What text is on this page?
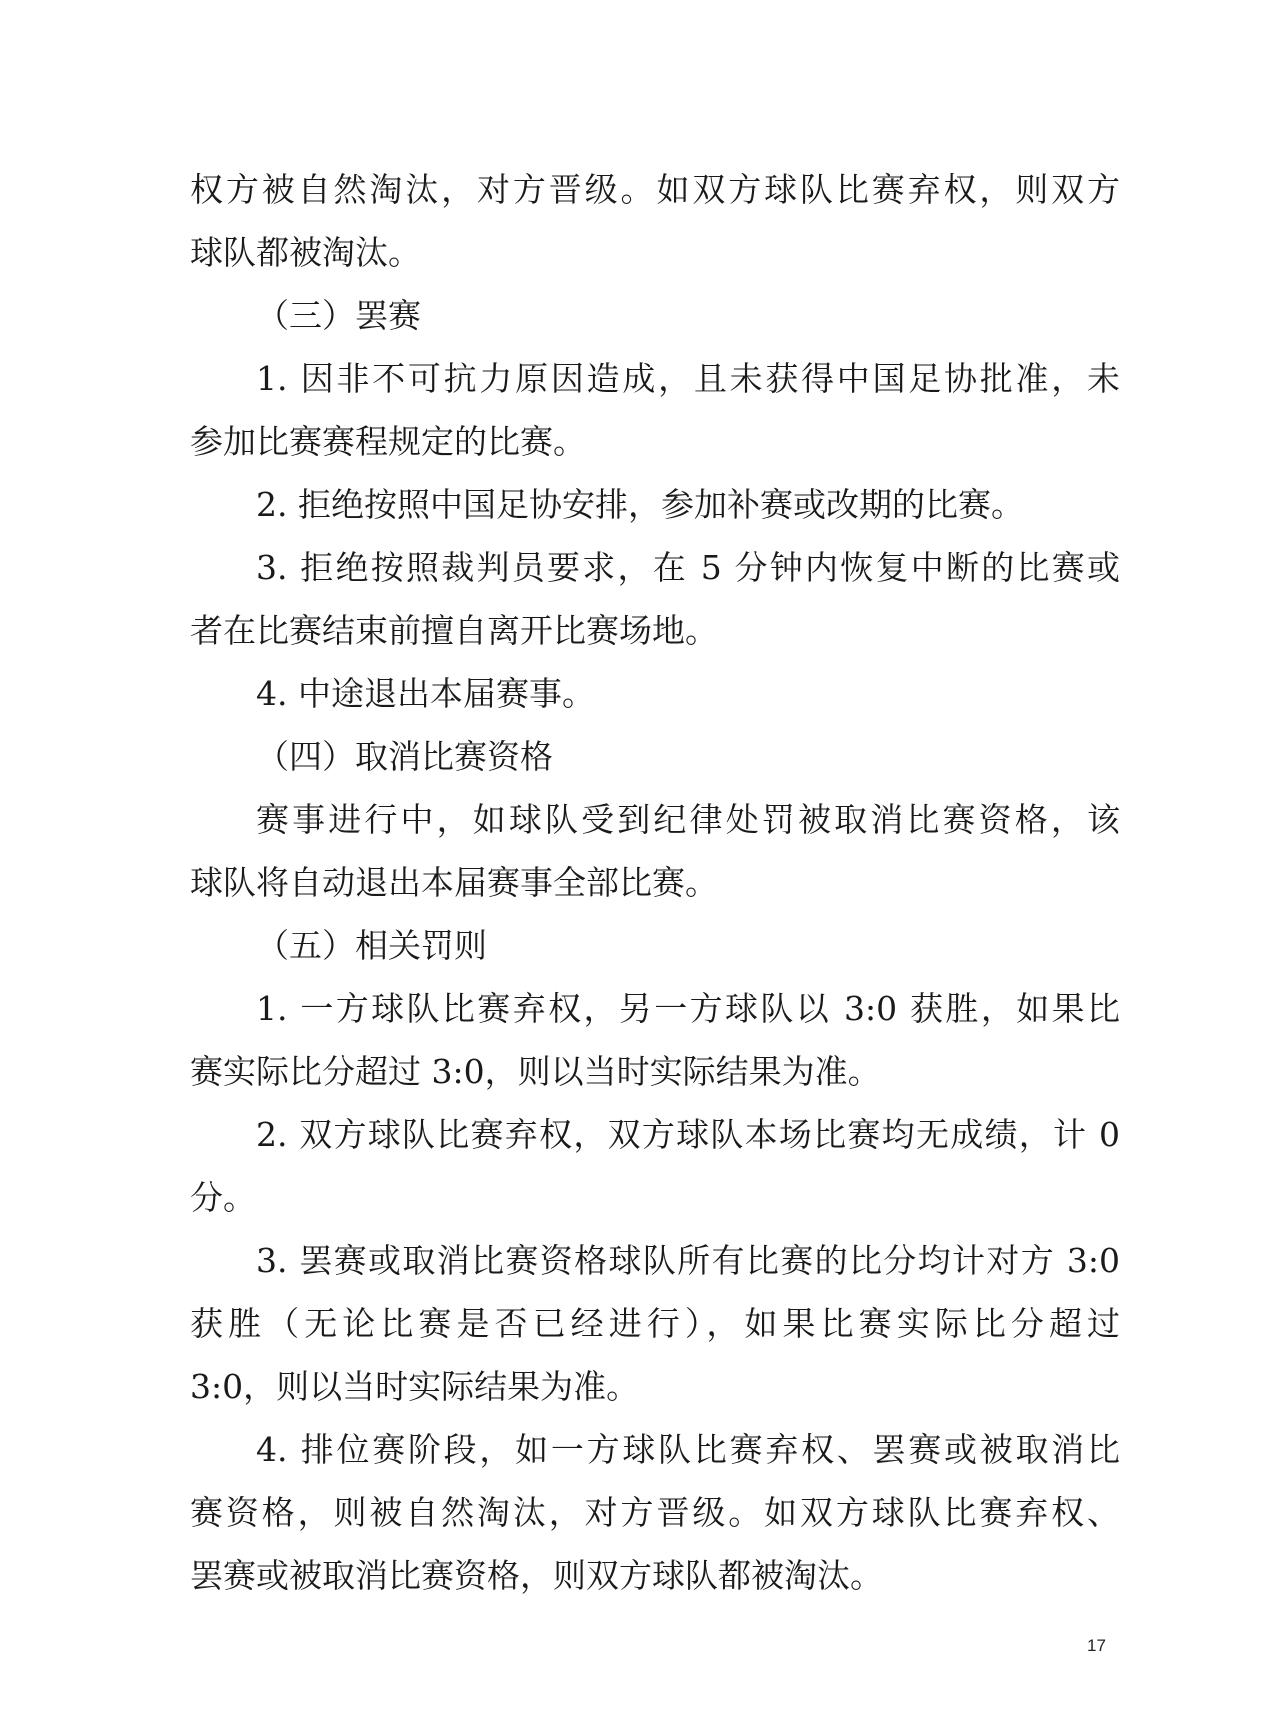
权方被自然淘汰，对方晋级。如双方球队比赛弃权，则双方
球队都被淘汰。
（三）罢赛
1. 因非不可抗力原因造成，且未获得中国足协批准，未
参加比赛赛程规定的比赛。
2. 拒绝按照中国足协安排，参加补赛或改期的比赛。
3. 拒绝按照裁判员要求，在 5 分钟内恢复中断的比赛或
者在比赛结束前擅自离开比赛场地。
4. 中途退出本届赛事。
（四）取消比赛资格
赛事进行中，如球队受到纪律处罚被取消比赛资格，该
球队将自动退出本届赛事全部比赛。
（五）相关罚则
1. 一方球队比赛弃权，另一方球队以 3:0 获胜，如果比
赛实际比分超过 3:0，则以当时实际结果为准。
2. 双方球队比赛弃权，双方球队本场比赛均无成绩，计 0
分。
3. 罢赛或取消比赛资格球队所有比赛的比分均计对方 3:0
获胜（无论比赛是否已经进行），如果比赛实际比分超过
3:0，则以当时实际结果为准。
4. 排位赛阶段，如一方球队比赛弃权、罢赛或被取消比
赛资格，则被自然淘汰，对方晋级。如双方球队比赛弃权、
罢赛或被取消比赛资格，则双方球队都被淘汰。
17
